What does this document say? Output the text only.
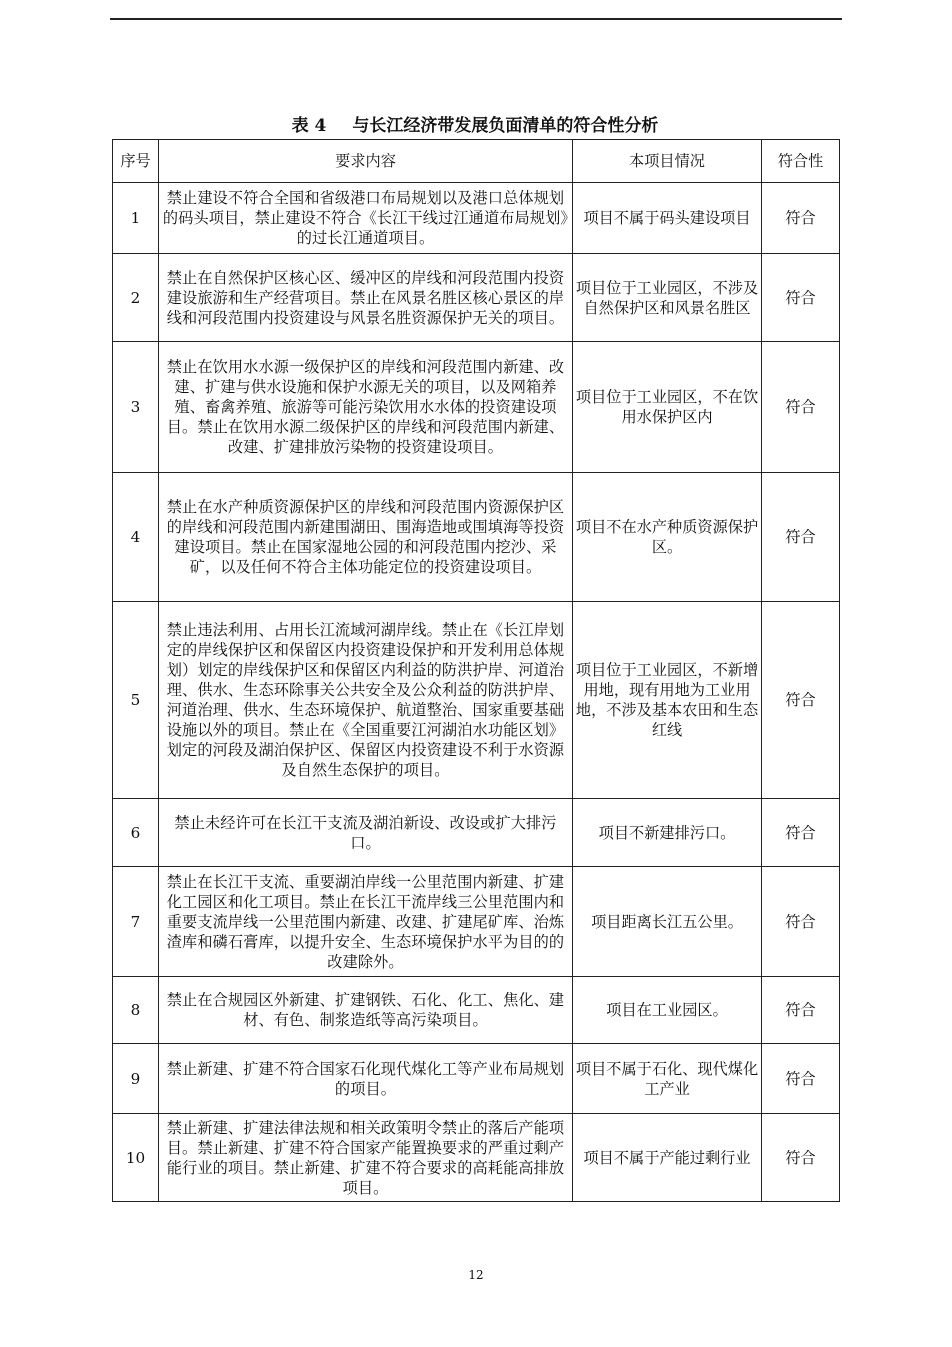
表 4 与长江经济带发展负面清单的符合性分析
序号	要求内容	本项目情况	符合性
1	禁止建设不符合全国和省级港口布局规划以及港口总体规划的码头项目，禁止建设不符合《长江干线过江通道布局规划》的过长江通道项目。	项目不属于码头建设项目	符合
2	禁止在自然保护区核心区、缓冲区的岸线和河段范围内投资建设旅游和生产经营项目。禁止在风景名胜区核心景区的岸线和河段范围内投资建设与风景名胜资源保护无关的项目。	项目位于工业园区，不涉及自然保护区和风景名胜区	符合
3	禁止在饮用水水源一级保护区的岸线和河段范围内新建、改建、扩建与供水设施和保护水源无关的项目，以及网箱养殖、畜禽养殖、旅游等可能污染饮用水水体的投资建设项目。禁止在饮用水源二级保护区的岸线和河段范围内新建、改建、扩建排放污染物的投资建设项目。	项目位于工业园区，不在饮用水保护区内	符合
4	禁止在水产种质资源保护区的岸线和河段范围内资源保护区的岸线和河段范围内新建围湖田、围海造地或围填海等投资建设项目。禁止在国家湿地公园的和河段范围内挖沙、采矿，以及任何不符合主体功能定位的投资建设项目。	项目不在水产种质资源保护区。	符合
5	禁止违法利用、占用长江流域河湖岸线。禁止在《长江岸划定的岸线保护区和保留区内投资建设保护和开发利用总体规划）划定的岸线保护区和保留区内利益的防洪护岸、河道治理、供水、生态环除事关公共安全及公众利益的防洪护岸、河道治理、供水、生态环境保护、航道整治、国家重要基础设施以外的项目。禁止在《全国重要江河湖泊水功能区划》划定的河段及湖泊保护区、保留区内投资建设不利于水资源及自然生态保护的项目。	项目位于工业园区，不新增用地，现有用地为工业用地，不涉及基本农田和生态红线	符合
6	禁止未经许可在长江干支流及湖泊新设、改设或扩大排污口。	项目不新建排污口。	符合
7	禁止在长江干支流、重要湖泊岸线一公里范围内新建、扩建化工园区和化工项目。禁止在长江干流岸线三公里范围内和重要支流岸线一公里范围内新建、改建、扩建尾矿库、治炼渣库和磷石膏库，以提升安全、生态环境保护水平为目的的改建除外。	项目距离长江五公里。	符合
8	禁止在合规园区外新建、扩建钢铁、石化、化工、焦化、建材、有色、制浆造纸等高污染项目。	项目在工业园区。	符合
9	禁止新建、扩建不符合国家石化现代煤化工等产业布局规划的项目。	项目不属于石化、现代煤化工产业	符合
10	禁止新建、扩建法律法规和相关政策明令禁止的落后产能项目。禁止新建、扩建不符合国家产能置换要求的严重过剩产能行业的项目。禁止新建、扩建不符合要求的高耗能高排放项目。	项目不属于产能过剩行业	符合
12
